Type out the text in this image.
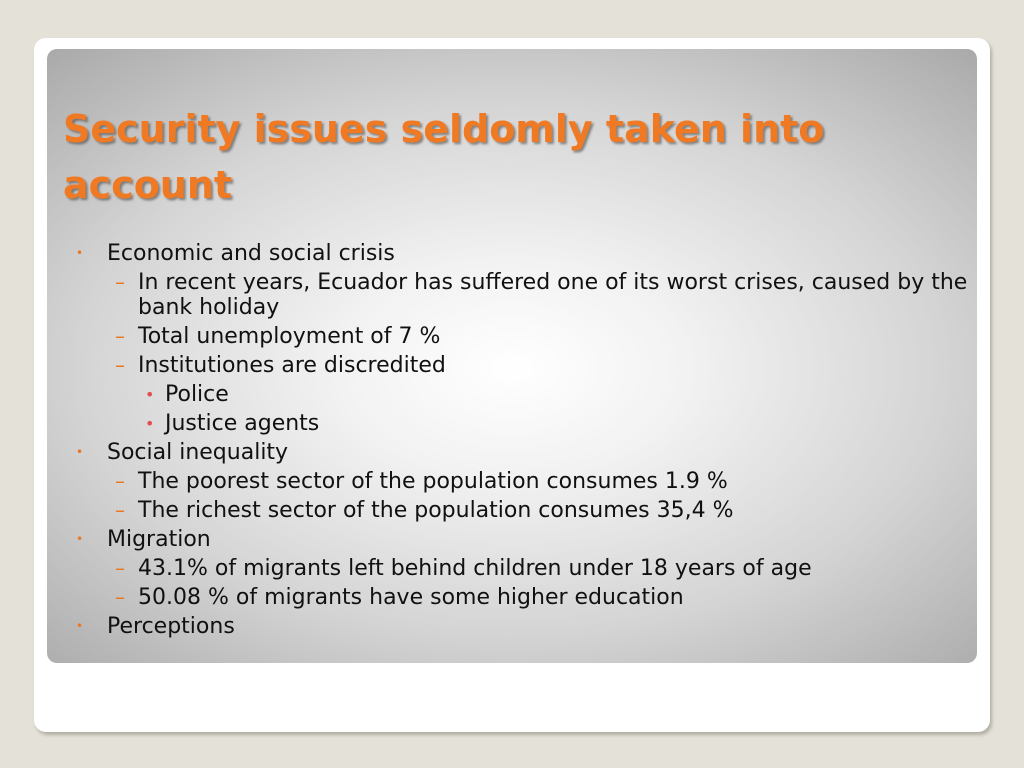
Security issues seldomly taken into account
• Economic and social crisis
– In recent years, Ecuador has suffered one of its worst crises, caused by the bank holiday
– Total unemployment of 7 %
– Institutiones are discredited
• Police
• Justice agents
• Social inequality
– The poorest sector of the population consumes 1.9 %
– The richest sector of the population consumes 35,4 %
• Migration
– 43.1% of migrants left behind children under 18 years of age
– 50.08 % of migrants have some higher education
• Perceptions
